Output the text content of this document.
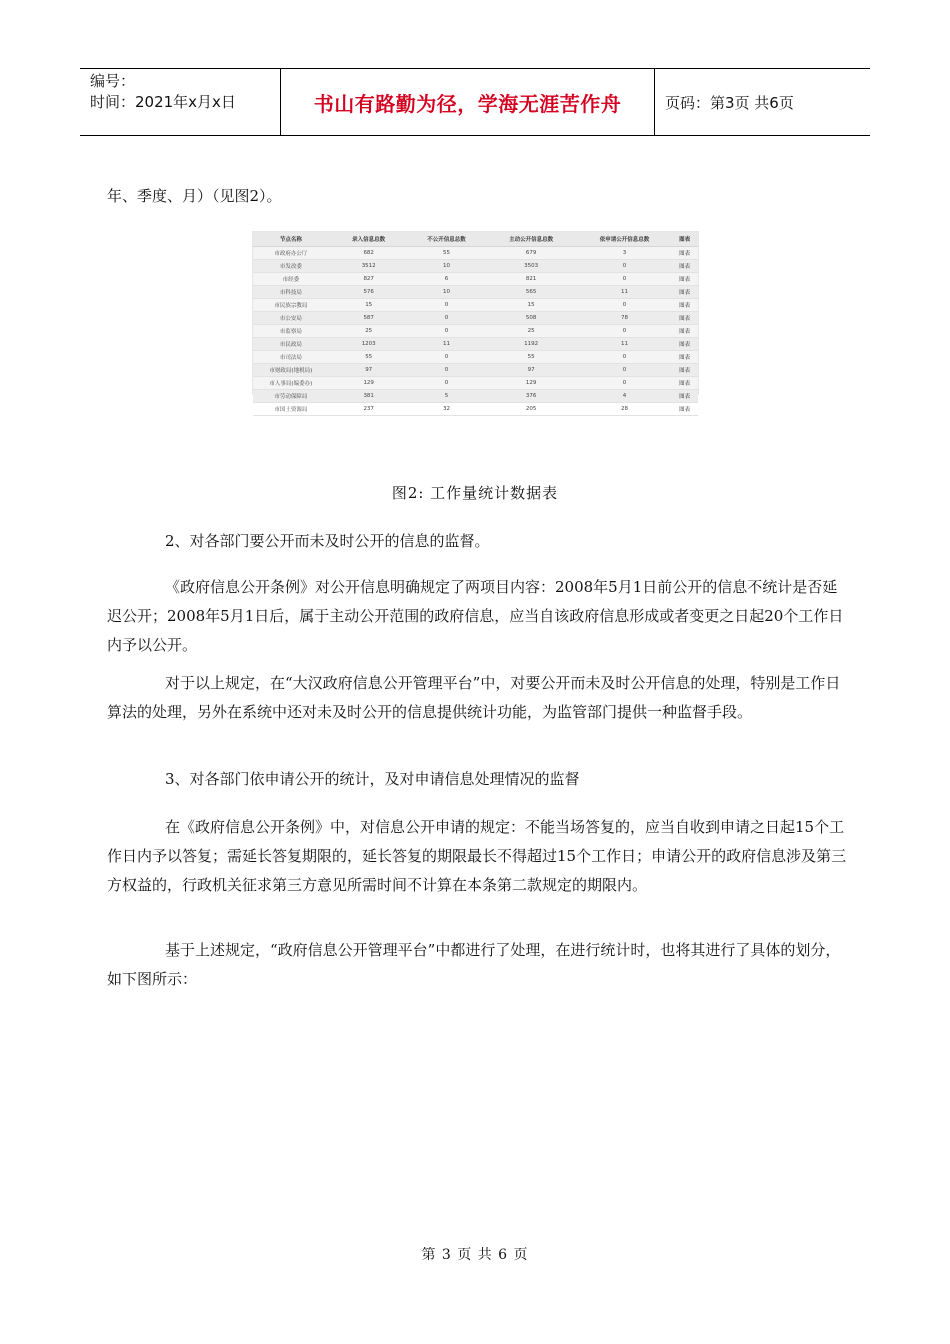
编号：
时间：2021年x月x日	书山有路勤为径，学海无涯苦作舟	页码：第3页 共6页

年、季度、月）（见图2）。

节点名称	录入信息总数	不公开信息总数	主动公开信息总数	依申请公开信息总数	图表
市政府办公厅	682	55	679	3	图表
市发改委	3512	10	3503	0	图表
市经委	827	6	821	0	图表
市科技局	576	10	565	11	图表
市民族宗教局	15	0	15	0	图表
市公安局	587	0	508	78	图表
市监察局	25	0	25	0	图表
市民政局	1203	11	1192	11	图表
市司法局	55	0	55	0	图表
市财政局(地税局)	97	0	97	0	图表
市人事局(编委办)	129	0	129	0	图表
市劳动保障局	381	5	376	4	图表
市国土资源局	237	32	205	28	图表
图2: 工作量统计数据表

2、对各部门要公开而未及时公开的信息的监督。

《政府信息公开条例》对公开信息明确规定了两项目内容：2008年5月1日前公开的信息不统计是否延迟公开；2008年5月1日后，属于主动公开范围的政府信息，应当自该政府信息形成或者变更之日起20个工作日内予以公开。

对于以上规定，在“大汉政府信息公开管理平台”中，对要公开而未及时公开信息的处理，特别是工作日算法的处理，另外在系统中还对未及时公开的信息提供统计功能，为监管部门提供一种监督手段。

3、对各部门依申请公开的统计，及对申请信息处理情况的监督

在《政府信息公开条例》中，对信息公开申请的规定：不能当场答复的，应当自收到申请之日起15个工作日内予以答复；需延长答复期限的，延长答复的期限最长不得超过15个工作日；申请公开的政府信息涉及第三方权益的，行政机关征求第三方意见所需时间不计算在本条第二款规定的期限内。

基于上述规定，“政府信息公开管理平台”中都进行了处理，在进行统计时，也将其进行了具体的划分，如下图所示：

第 3 页 共 6 页
